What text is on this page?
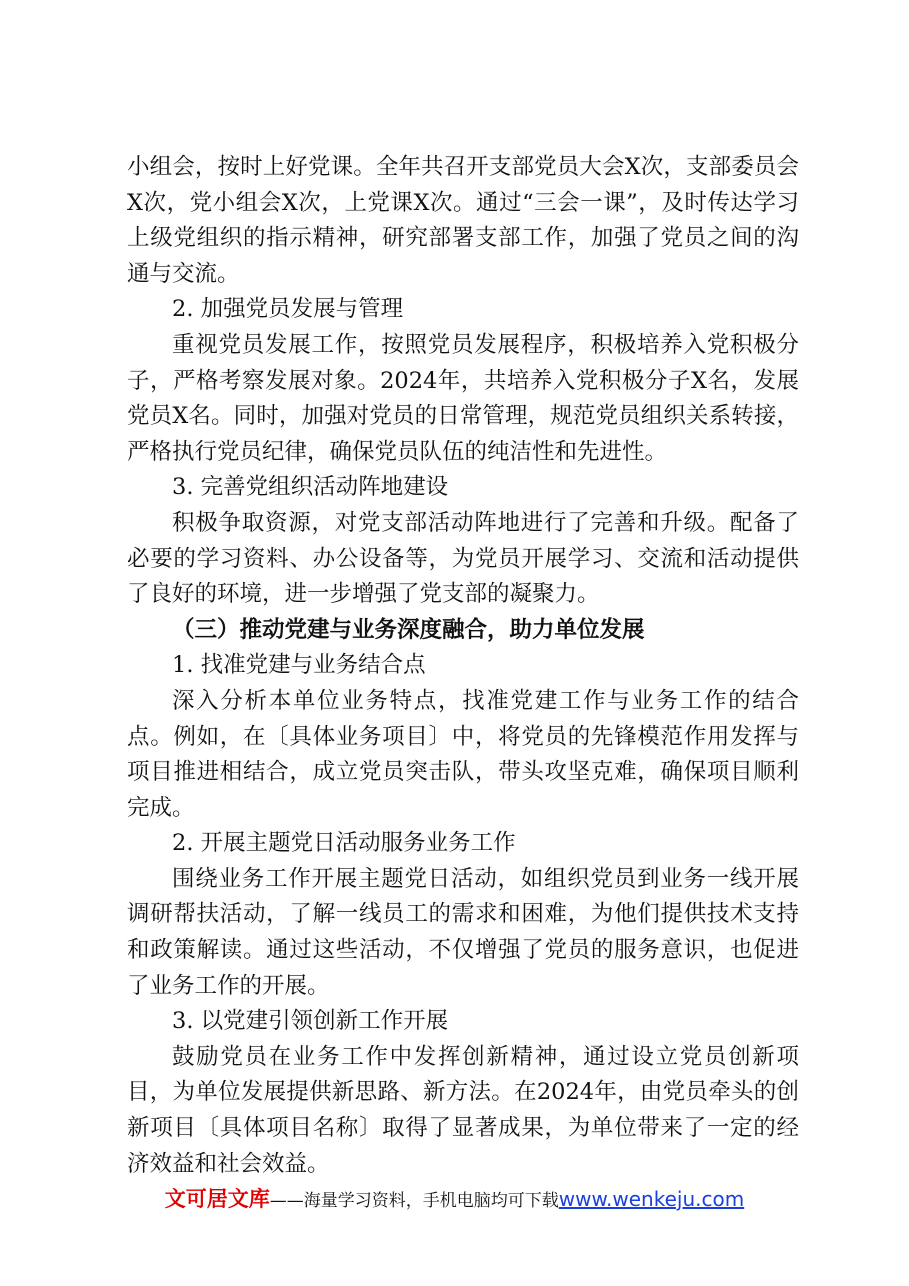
小组会，按时上好党课。全年共召开支部党员大会X次，支部委员会X次，党小组会X次，上党课X次。通过“三会一课”，及时传达学习上级党组织的指示精神，研究部署支部工作，加强了党员之间的沟通与交流。

2. 加强党员发展与管理

重视党员发展工作，按照党员发展程序，积极培养入党积极分子，严格考察发展对象。2024年，共培养入党积极分子X名，发展党员X名。同时，加强对党员的日常管理，规范党员组织关系转接，严格执行党员纪律，确保党员队伍的纯洁性和先进性。

3. 完善党组织活动阵地建设

积极争取资源，对党支部活动阵地进行了完善和升级。配备了必要的学习资料、办公设备等，为党员开展学习、交流和活动提供了良好的环境，进一步增强了党支部的凝聚力。

（三）推动党建与业务深度融合，助力单位发展

1. 找准党建与业务结合点

深入分析本单位业务特点，找准党建工作与业务工作的结合点。例如，在〔具体业务项目〕中，将党员的先锋模范作用发挥与项目推进相结合，成立党员突击队，带头攻坚克难，确保项目顺利完成。

2. 开展主题党日活动服务业务工作

围绕业务工作开展主题党日活动，如组织党员到业务一线开展调研帮扶活动，了解一线员工的需求和困难，为他们提供技术支持和政策解读。通过这些活动，不仅增强了党员的服务意识，也促进了业务工作的开展。

3. 以党建引领创新工作开展

鼓励党员在业务工作中发挥创新精神，通过设立党员创新项目，为单位发展提供新思路、新方法。在2024年，由党员牵头的创新项目〔具体项目名称〕取得了显著成果，为单位带来了一定的经济效益和社会效益。

文可居文库——海量学习资料，手机电脑均可下载www.wenkeju.com
